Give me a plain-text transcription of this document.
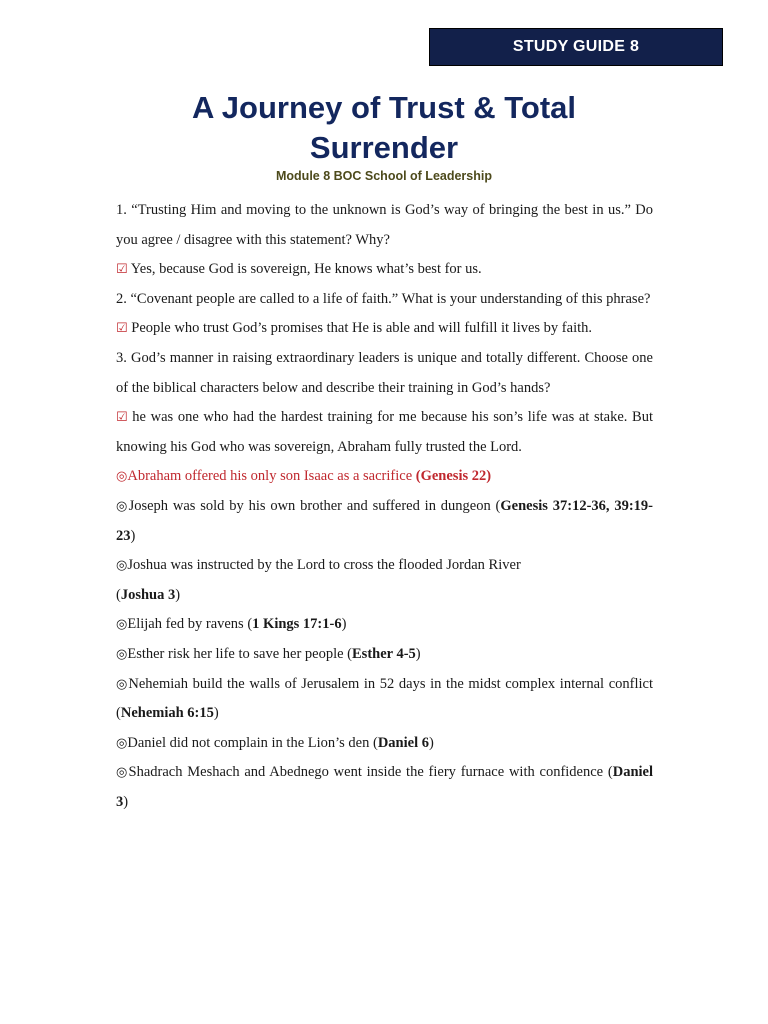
STUDY GUIDE 8
A Journey of Trust & Total
Surrender
Module 8 BOC School of Leadership

1. “Trusting Him and moving to the unknown is God’s way of bringing the best in us.” Do you agree / disagree with this statement? Why?

☑ Yes, because God is sovereign, He knows what’s best for us.

2. “Covenant people are called to a life of faith.” What is your understanding of this phrase?

☑ People who trust God’s promises that He is able and will fulfill it lives by faith.

3. God’s manner in raising extraordinary leaders is unique and totally different. Choose one of the biblical characters below and describe their training in God’s hands?

☑ he was one who had the hardest training for me because his son’s life was at stake. But knowing his God who was sovereign, Abraham fully trusted the Lord.

◎Abraham offered his only son Isaac as a sacrifice (Genesis 22)

◎Joseph was sold by his own brother and suffered in dungeon (Genesis 37:12-36, 39:19-23)

◎Joshua was instructed by the Lord to cross the flooded Jordan River
(Joshua 3)

◎Elijah fed by ravens (1 Kings 17:1-6)

◎Esther risk her life to save her people (Esther 4-5)

◎Nehemiah build the walls of Jerusalem in 52 days in the midst complex internal conflict (Nehemiah 6:15)

◎Daniel did not complain in the Lion’s den (Daniel 6)

◎Shadrach Meshach and Abednego went inside the fiery furnace with confidence (Daniel 3)
